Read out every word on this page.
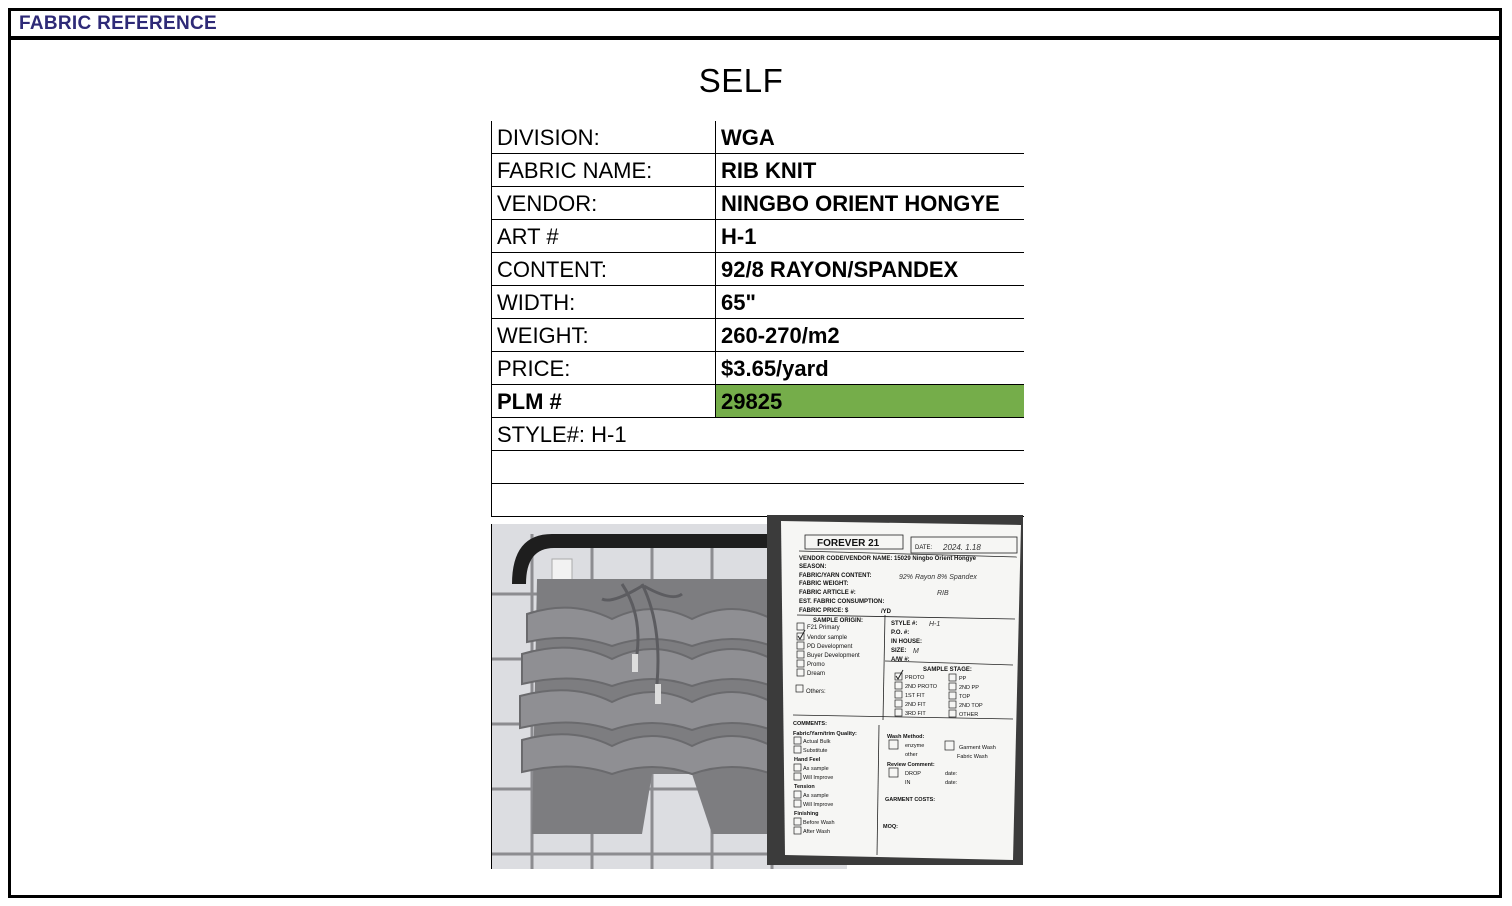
FABRIC REFERENCE
SELF
DIVISION:	WGA
FABRIC NAME:	RIB KNIT
VENDOR:	NINGBO ORIENT HONGYE
ART #	H-1
CONTENT:	92/8 RAYON/SPANDEX
WIDTH:	65"
WEIGHT:	260-270/m2
PRICE:	$3.65/yard
PLM #	29825
STYLE#: H-1
FOREVER 21	DATE: 2024. 1.18
VENDOR CODE/VENDOR NAME: 15029 Ningbo Orient Hongye
SEASON:
FABRIC/YARN CONTENT:	92% Rayon 8% Spandex
FABRIC WEIGHT:
FABRIC ARTICLE #:	RIB
EST. FABRIC CONSUMPTION:
FABRIC PRICE: $	/YD
SAMPLE ORIGIN:
F21 Primary
Vendor sample
PD Development
Buyer Development
Promo
Dream
Others:
STYLE #: H-1
P.O. #:
IN HOUSE:
SIZE: M
A/W #:
SAMPLE STAGE:
PROTO
2ND PROTO
1ST FIT
2ND FIT
3RD FIT
PP
2ND PP
TOP
2ND TOP
OTHER
COMMENTS:
Fabric/Yarn/trim Quality:
Actual Bulk
Substitute
Hand Feel
As sample
Will Improve
Tension
As sample
Will Improve
Finishing
Before Wash
After Wash
Wash Method:
enzyme
other
Garment Wash
Fabric Wash
Review Comment:
DROP	date:
IN	date:
GARMENT COSTS:
MOQ:
